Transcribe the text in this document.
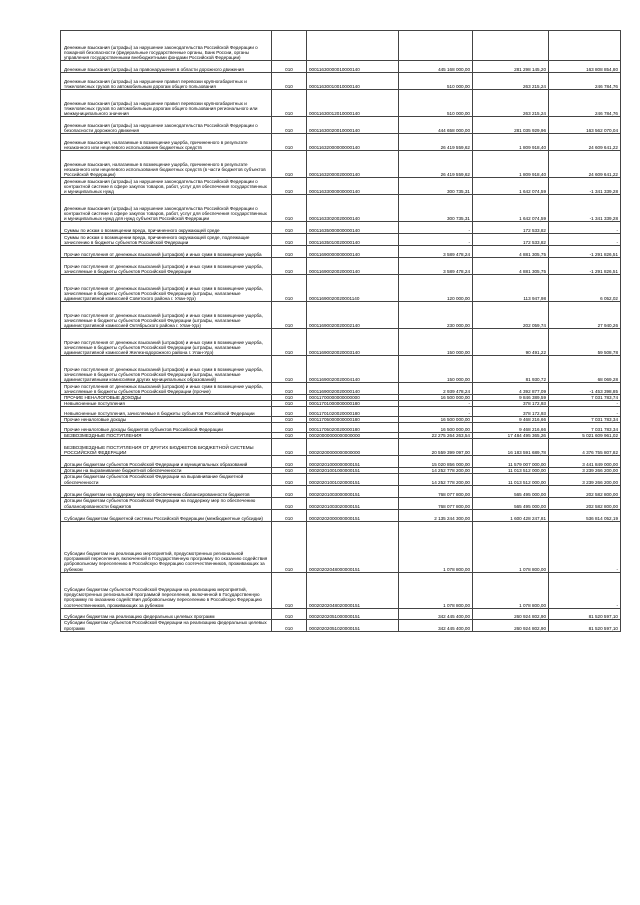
Денежные взыскания (штрафы) за нарушение законодательства Российской Федерации о пожарной безопасности (федеральные государственные органы, Банк России, органы управления государственными внебюджетными фондами Российской Федерации)					
Денежные взыскания (штрафы) за правонарушения в области дорожного движения	010	00011630000010000140	445 168 000,00	281 298 145,20	163 808 854,80
Денежные взыскания (штрафы) за нарушение правил перевозки крупногабаритных и тяжеловесных грузов по автомобильным дорогам общего пользования	010	00011630010010000140	510 000,00	263 215,24	246 784,76
Денежные взыскания (штрафы) за нарушение правил перевозки крупногабаритных и тяжеловесных грузов по автомобильным дорогам общего пользования регионального или межмуниципального значения	010	00011630012010000140	510 000,00	263 215,24	246 784,76
Денежные взыскания (штрафы) за нарушение законодательства Российской Федерации о безопасности дорожного движения	010	00011630020010000140	444 658 000,00	281 035 929,96	163 562 070,04
Денежные взыскания, налагаемые в возмещение ущерба, причиненного в результате незаконного или нецелевого использования бюджетных средств	010	00011632000000000140	26 419 559,62	1 809 918,40	24 609 641,22
Денежные взыскания, налагаемые в возмещение ущерба, причиненного в результате незаконного или нецелевого использования бюджетных средств (в части бюджетов субъектов Российской Федерации)	010	00011632000020000140	26 419 559,62	1 809 918,40	24 609 641,22
Денежные взыскания (штрафы) за нарушение законодательства Российской Федерации о контрактной системе в сфере закупок товаров, работ, услуг для обеспечения государственных и муниципальных нужд	010	00011633000000000140	300 735,31	1 642 074,59	-1 341 339,28
Денежные взыскания (штрафы) за нарушение законодательства Российской Федерации о контрактной системе в сфере закупок товаров, работ, услуг для обеспечения государственных и муниципальных нужд для нужд субъектов Российской Федерации	010	00011633020020000140	300 735,31	1 642 074,59	-1 341 339,28
Суммы по искам о возмещении вреда, причиненного окружающей среде	010	00011635000000000140	-	172 533,82	-
Суммы по искам о возмещении вреда, причиненного окружающей среде, подлежащие зачислению в бюджеты субъектов Российской Федерации	010	00011635010020000140	-	172 533,82	-
Прочие поступления от денежных взысканий (штрафов) и иных сумм в возмещение ущерба	010	00011690000000000140	3 589 478,24	4 881 305,75	-1 291 826,51
Прочие поступления от денежных взысканий (штрафов) и иных сумм в возмещение ущерба, зачисляемые в бюджеты субъектов Российской Федерации	010	00011690020020000140	3 589 478,24	4 881 305,75	-1 291 826,51
Прочие поступления от денежных взысканий (штрафов) и иных сумм в возмещение ущерба, зачисляемые в бюджеты субъектов Российской Федерации (штрафы, налагаемые административной комиссией Советского района г. Улан-Удэ)	010	00011690020020001140	120 000,00	113 947,98	6 052,02
Прочие поступления от денежных взысканий (штрафов) и иных сумм в возмещение ущерба, зачисляемые в бюджеты субъектов Российской Федерации (штрафы, налагаемые административной комиссией Октябрьского района г. Улан-Удэ)	010	00011690020020002140	230 000,00	202 059,74	27 940,26
Прочие поступления от денежных взысканий (штрафов) и иных сумм в возмещение ущерба, зачисляемые в бюджеты субъектов Российской Федерации (штрафы, налагаемые административной комиссией Железнодорожного района г. Улан-Удэ)	010	00011690020020003140	150 000,00	90 491,22	59 508,78
Прочие поступления от денежных взысканий (штрафов) и иных сумм в возмещение ущерба, зачисляемые в бюджеты субъектов Российской Федерации (штрафы, налагаемые административными комиссиями других муниципальных образований)	010	00011690020020004140	150 000,00	81 930,72	68 069,28
Прочие поступления от денежных взысканий (штрафов) и иных сумм в возмещение ущерба, зачисляемые в бюджеты субъектов Российской Федерации (прочие)	010	00011690020020000140	2 939 478,24	4 392 877,09	-1 453 398,85
ПРОЧИЕ НЕНАЛОГОВЫЕ ДОХОДЫ	010	00011700000000000000	16 500 000,00	9 846 389,59	7 031 783,74
Невыясненные поступления	010	00011701000000000180	-	378 172,93	-
Невыясненные поступления, зачисляемые в бюджеты субъектов Российской Федерации	010	00011701020020000180	-	378 172,93	-
Прочие неналоговые доходы	010	00011705000000000180	16 500 000,00	9 468 216,66	7 031 783,34
Прочие неналоговые доходы бюджетов субъектов Российской Федерации	010	00011705020020000180	16 500 000,00	9 468 216,66	7 031 783,34
БЕЗВОЗМЕЗДНЫЕ ПОСТУПЛЕНИЯ	010	00020000000000000000	22 275 264 263,54	17 484 495 365,26	5 021 609 961,02
БЕЗВОЗМЕЗДНЫЕ ПОСТУПЛЕНИЯ ОТ ДРУГИХ БЮДЖЕТОВ БЮДЖЕТНОЙ СИСТЕМЫ РОССИЙСКОЙ ФЕДЕРАЦИИ	010	00020200000000000000	20 559 399 097,00	16 183 591 689,78	4 376 755 807,82
Дотации бюджетам субъектов Российской Федерации и муниципальных образований	010	00020201000000000151	15 020 856 000,00	11 579 007 000,00	3 441 849 000,00
Дотации на выравнивание бюджетной обеспеченности	010	00020201001000000151	14 252 778 200,00	11 013 512 000,00	3 239 266 200,00
Дотации бюджетам субъектов Российской Федерации на выравнивание бюджетной обеспеченности	010	00020201001020000151	14 252 778 200,00	11 013 512 000,00	3 239 266 200,00
Дотации бюджетам на поддержку мер по обеспечению сбалансированности бюджетов	010	00020201003000000151	768 077 800,00	565 495 000,00	202 582 800,00
Дотации бюджетам субъектов Российской Федерации на поддержку мер по обеспечению сбалансированности бюджетов	010	00020201003020000151	768 077 800,00	565 495 000,00	202 582 800,00
Субсидии бюджетам бюджетной системы Российской Федерации (межбюджетные субсидии)	010	00020202000000000151	2 135 244 300,00	1 600 428 247,81	536 814 052,19
Субсидии бюджетам на реализацию мероприятий, предусмотренных региональной программой переселения, включенной в Государственную программу по оказанию содействия добровольному переселению в Российскую Федерацию соотечественников, проживающих за рубежом	010	00020202048000000151	1 078 800,00	1 078 800,00	-
Субсидии бюджетам субъектов Российской Федерации на реализацию мероприятий, предусмотренных региональной программой переселения, включенной в Государственную программу по оказанию содействия добровольному переселению в Российскую Федерацию соотечественников, проживающих за рубежом	010	00020202048020000151	1 078 800,00	1 078 800,00	-
Субсидии бюджетам на реализацию федеральных целевых программ	010	00020202051000000151	342 445 400,00	260 924 802,90	81 520 597,10
Субсидии бюджетам субъектов Российской Федерации на реализацию федеральных целевых программ	010	00020202051020000151	342 445 400,00	260 924 802,90	81 520 597,10
